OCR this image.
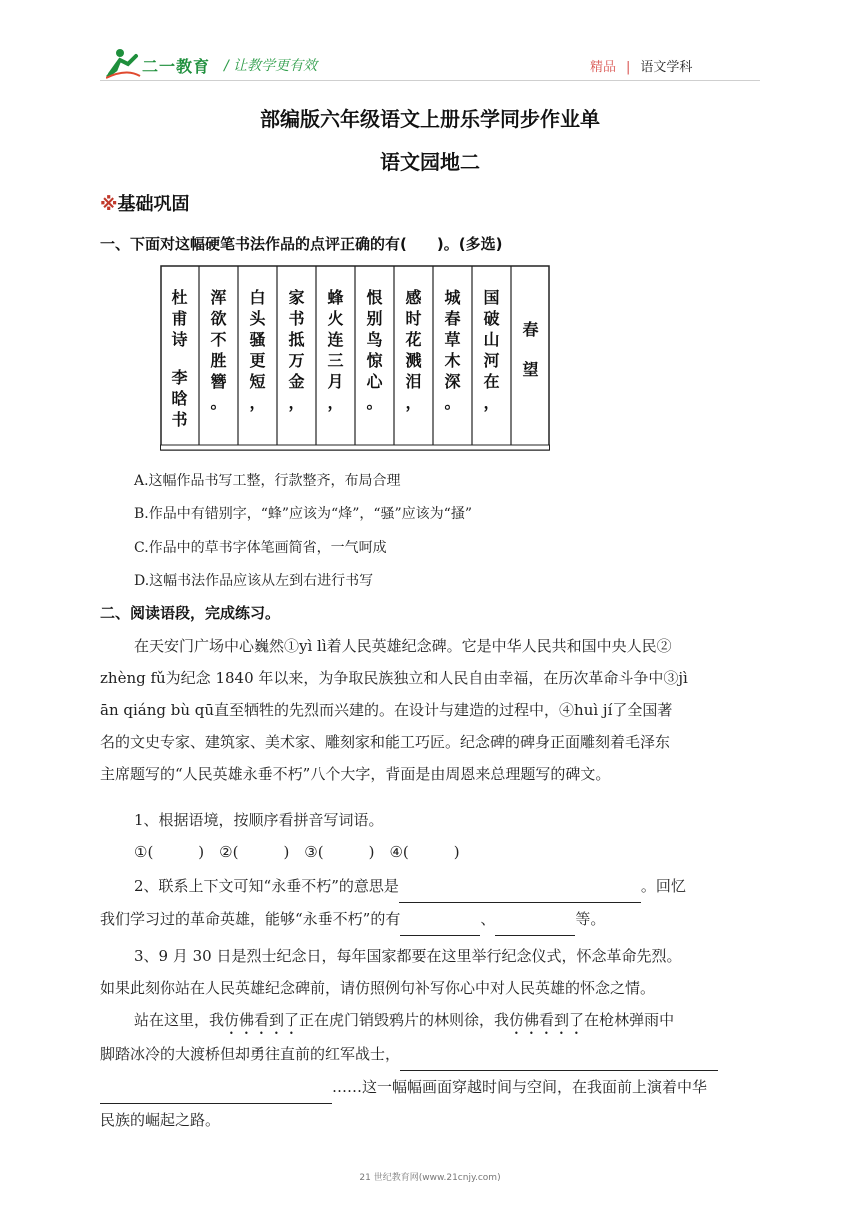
二一教育 / 让教学更有效	精品 | 语文学科
部编版六年级语文上册乐学同步作业单
语文园地二
※基础巩固
一、下面对这幅硬笔书法作品的点评正确的有(　　)。(多选)
春
望
国
破
山
河
在
，
城
春
草
木
深
。
感
时
花
溅
泪
，
恨
别
鸟
惊
心
。
蜂
火
连
三
月
，
家
书
抵
万
金
，
白
头
骚
更
短
，
浑
欲
不
胜
簪
。
杜
甫
诗
李
晗
书
A.这幅作品书写工整，行款整齐，布局合理
B.作品中有错别字，“蜂”应该为“烽”，“骚”应该为“搔”
C.作品中的草书字体笔画简省，一气呵成
D.这幅书法作品应该从左到右进行书写
二、阅读语段，完成练习。
在天安门广场中心巍然①yì lì着人民英雄纪念碑。它是中华人民共和国中央人民②
zhèng fǔ为纪念 1840 年以来，为争取民族独立和人民自由幸福，在历次革命斗争中③jì
ān qiáng bù qū直至牺牲的先烈而兴建的。在设计与建造的过程中，④huì jí了全国著
名的文史专家、建筑家、美术家、雕刻家和能工巧匠。纪念碑的碑身正面雕刻着毛泽东
主席题写的“人民英雄永垂不朽”八个大字，背面是由周恩来总理题写的碑文。
1、根据语境，按顺序看拼音写词语。
①(　　　)　②(　　　)　③(　　　)　④(　　　)
2、联系上下文可知“永垂不朽”的意思是	。回忆
我们学习过的革命英雄，能够“永垂不朽”的有	、	等。
3、9 月 30 日是烈士纪念日，每年国家都要在这里举行纪念仪式，怀念革命先烈。
如果此刻你站在人民英雄纪念碑前，请仿照例句补写你心中对人民英雄的怀念之情。
站在这里，我仿佛看到了正在虎门销毁鸦片的林则徐，我仿佛看到了在枪林弹雨中
脚踏冰冷的大渡桥但却勇往直前的红军战士，
……这一幅幅画面穿越时间与空间，在我面前上演着中华
民族的崛起之路。
21 世纪教育网(www.21cnjy.com)
